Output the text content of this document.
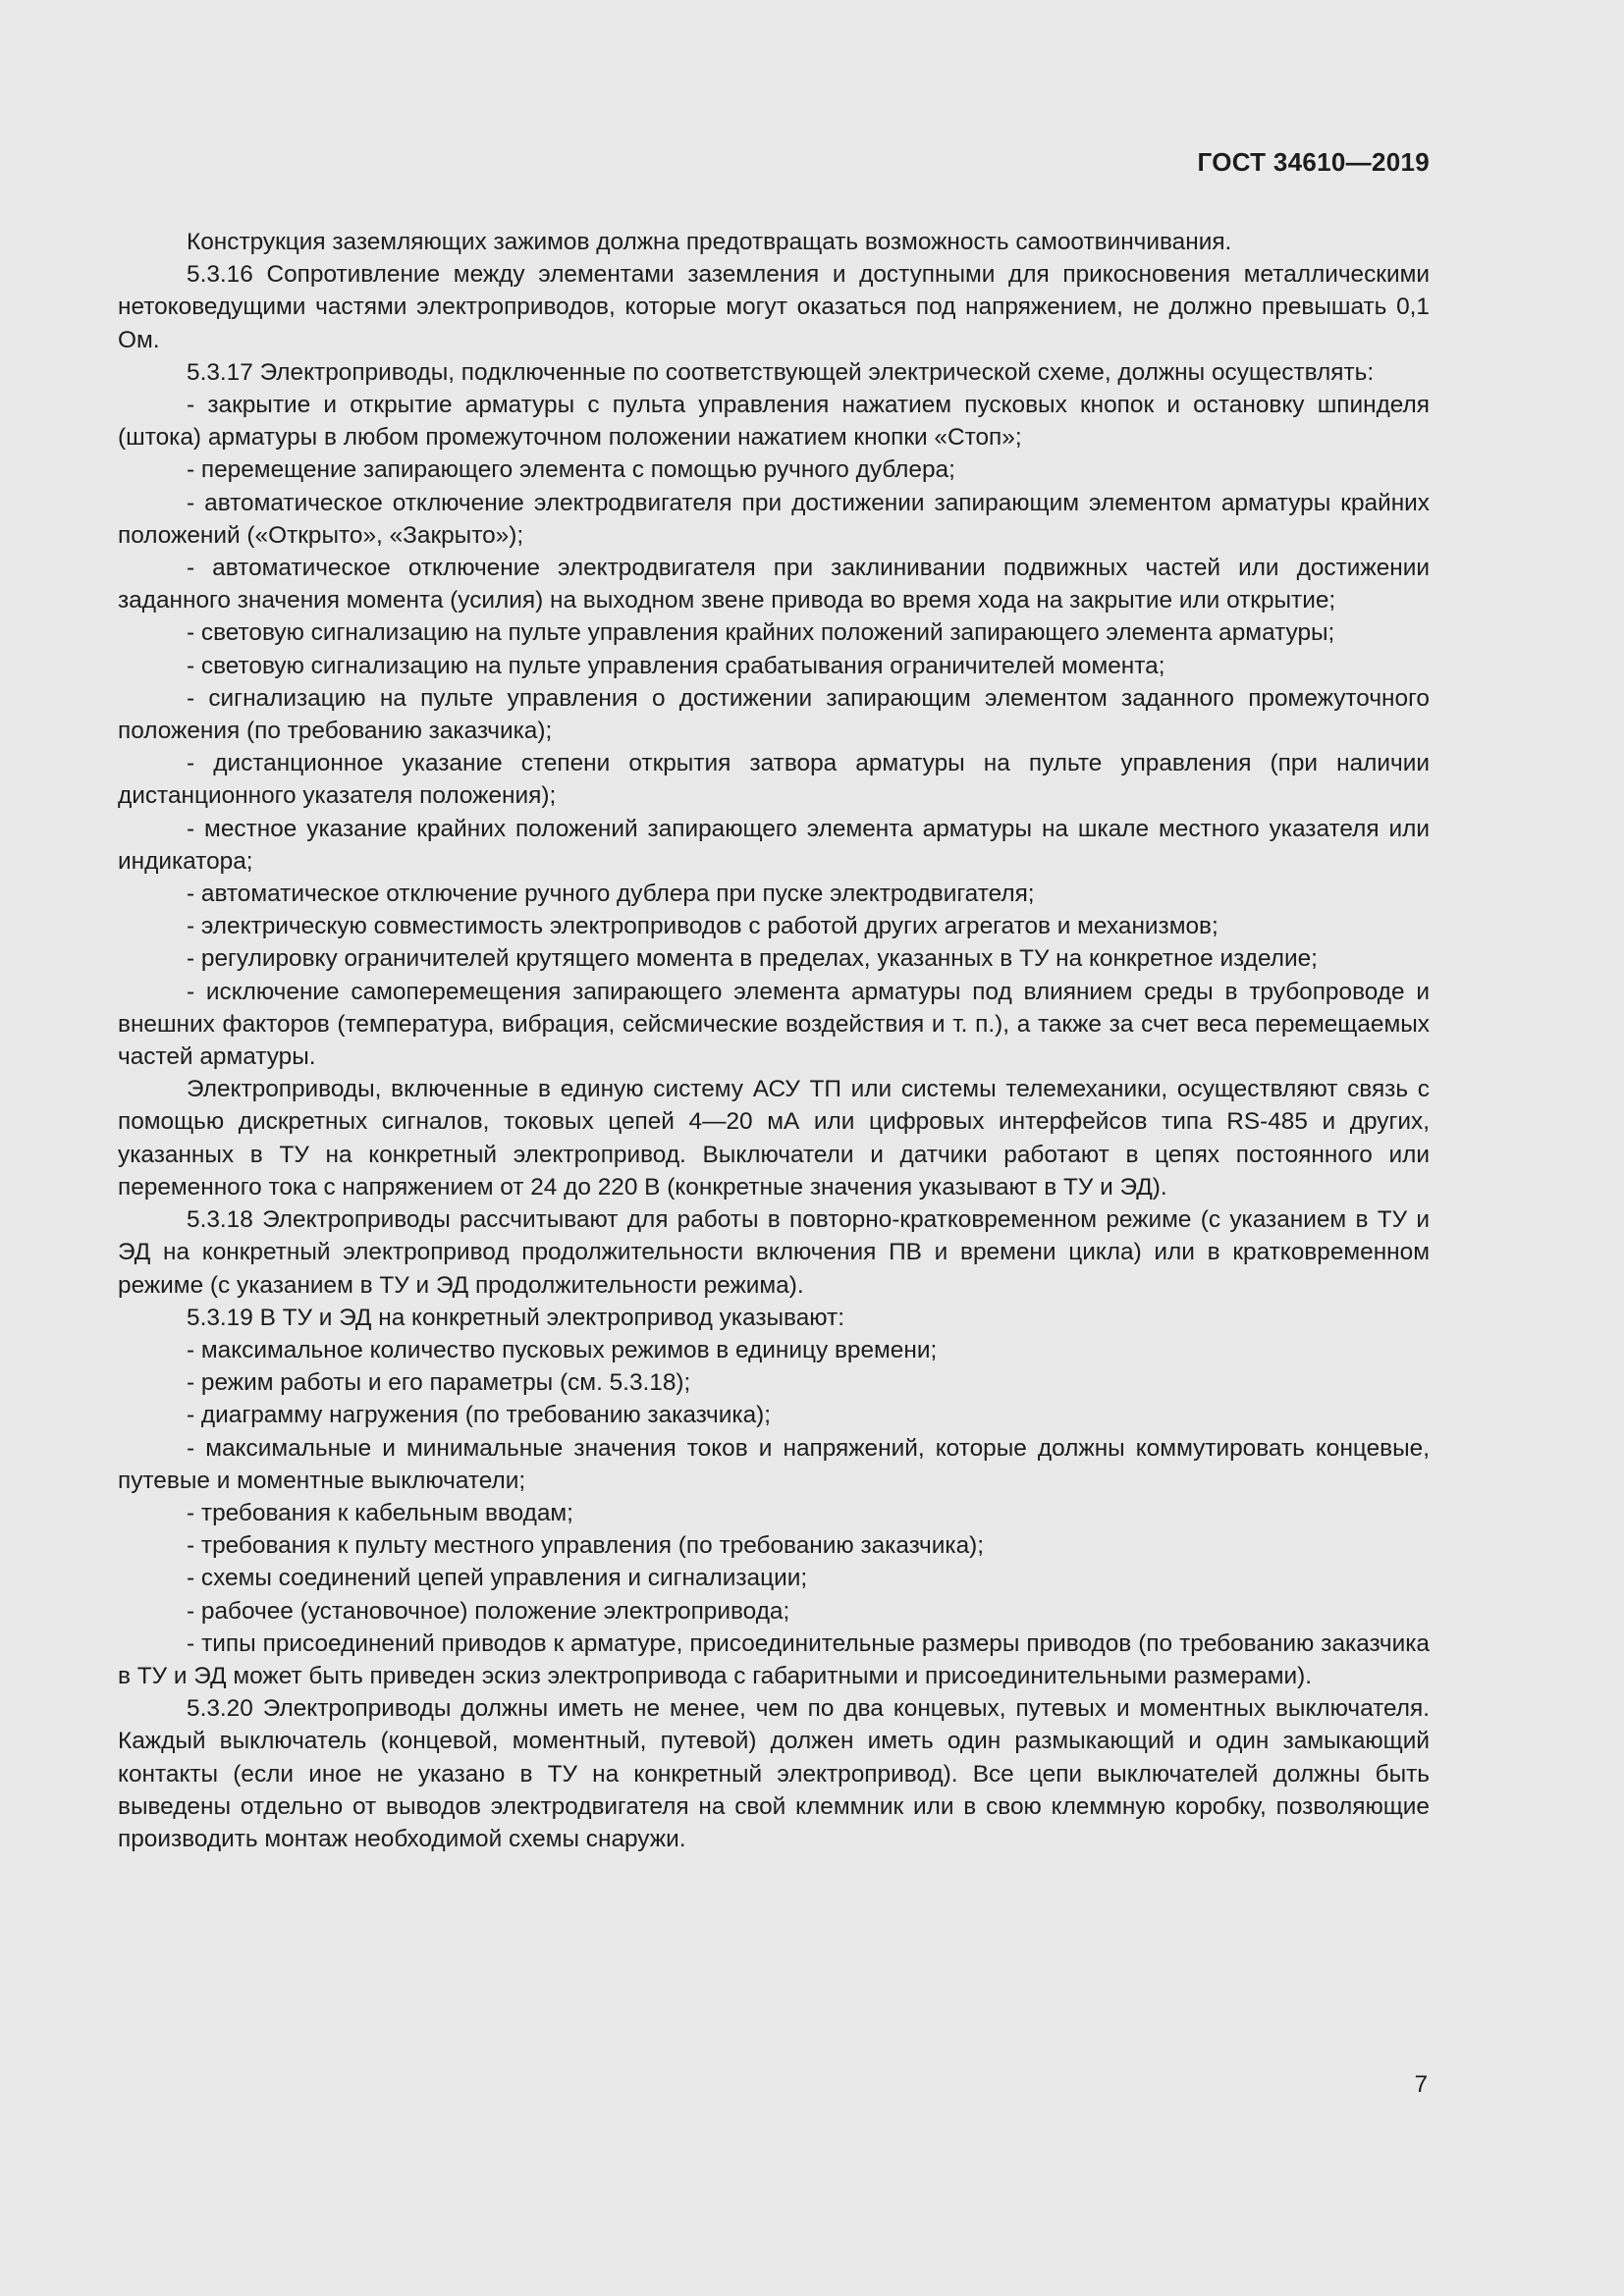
ГОСТ 34610—2019

Конструкция заземляющих зажимов должна предотвращать возможность самоотвинчивания.

5.3.16 Сопротивление между элементами заземления и доступными для прикосновения металлическими нетоковедущими частями электроприводов, которые могут оказаться под напряжением, не должно превышать 0,1 Ом.

5.3.17 Электроприводы, подключенные по соответствующей электрической схеме, должны осуществлять:

- закрытие и открытие арматуры с пульта управления нажатием пусковых кнопок и остановку шпинделя (штока) арматуры в любом промежуточном положении нажатием кнопки «Стоп»;

- перемещение запирающего элемента с помощью ручного дублера;

- автоматическое отключение электродвигателя при достижении запирающим элементом арматуры крайних положений («Открыто», «Закрыто»);

- автоматическое отключение электродвигателя при заклинивании подвижных частей или достижении заданного значения момента (усилия) на выходном звене привода во время хода на закрытие или открытие;

- световую сигнализацию на пульте управления крайних положений запирающего элемента арматуры;

- световую сигнализацию на пульте управления срабатывания ограничителей момента;

- сигнализацию на пульте управления о достижении запирающим элементом заданного промежуточного положения (по требованию заказчика);

- дистанционное указание степени открытия затвора арматуры на пульте управления (при наличии дистанционного указателя положения);

- местное указание крайних положений запирающего элемента арматуры на шкале местного указателя или индикатора;

- автоматическое отключение ручного дублера при пуске электродвигателя;

- электрическую совместимость электроприводов с работой других агрегатов и механизмов;

- регулировку ограничителей крутящего момента в пределах, указанных в ТУ на конкретное изделие;

- исключение самоперемещения запирающего элемента арматуры под влиянием среды в трубопроводе и внешних факторов (температура, вибрация, сейсмические воздействия и т. п.), а также за счет веса перемещаемых частей арматуры.

Электроприводы, включенные в единую систему АСУ ТП или системы телемеханики, осуществляют связь с помощью дискретных сигналов, токовых цепей 4—20 мА или цифровых интерфейсов типа RS-485 и других, указанных в ТУ на конкретный электропривод. Выключатели и датчики работают в цепях постоянного или переменного тока с напряжением от 24 до 220 В (конкретные значения указывают в ТУ и ЭД).

5.3.18 Электроприводы рассчитывают для работы в повторно-кратковременном режиме (с указанием в ТУ и ЭД на конкретный электропривод продолжительности включения ПВ и времени цикла) или в кратковременном режиме (с указанием в ТУ и ЭД продолжительности режима).

5.3.19 В ТУ и ЭД на конкретный электропривод указывают:

- максимальное количество пусковых режимов в единицу времени;

- режим работы и его параметры (см. 5.3.18);

- диаграмму нагружения (по требованию заказчика);

- максимальные и минимальные значения токов и напряжений, которые должны коммутировать концевые, путевые и моментные выключатели;

- требования к кабельным вводам;

- требования к пульту местного управления (по требованию заказчика);

- схемы соединений цепей управления и сигнализации;

- рабочее (установочное) положение электропривода;

- типы присоединений приводов к арматуре, присоединительные размеры приводов (по требованию заказчика в ТУ и ЭД может быть приведен эскиз электропривода с габаритными и присоединительными размерами).

5.3.20 Электроприводы должны иметь не менее, чем по два концевых, путевых и моментных выключателя. Каждый выключатель (концевой, моментный, путевой) должен иметь один размыкающий и один замыкающий контакты (если иное не указано в ТУ на конкретный электропривод). Все цепи выключателей должны быть выведены отдельно от выводов электродвигателя на свой клеммник или в свою клеммную коробку, позволяющие производить монтаж необходимой схемы снаружи.

7
